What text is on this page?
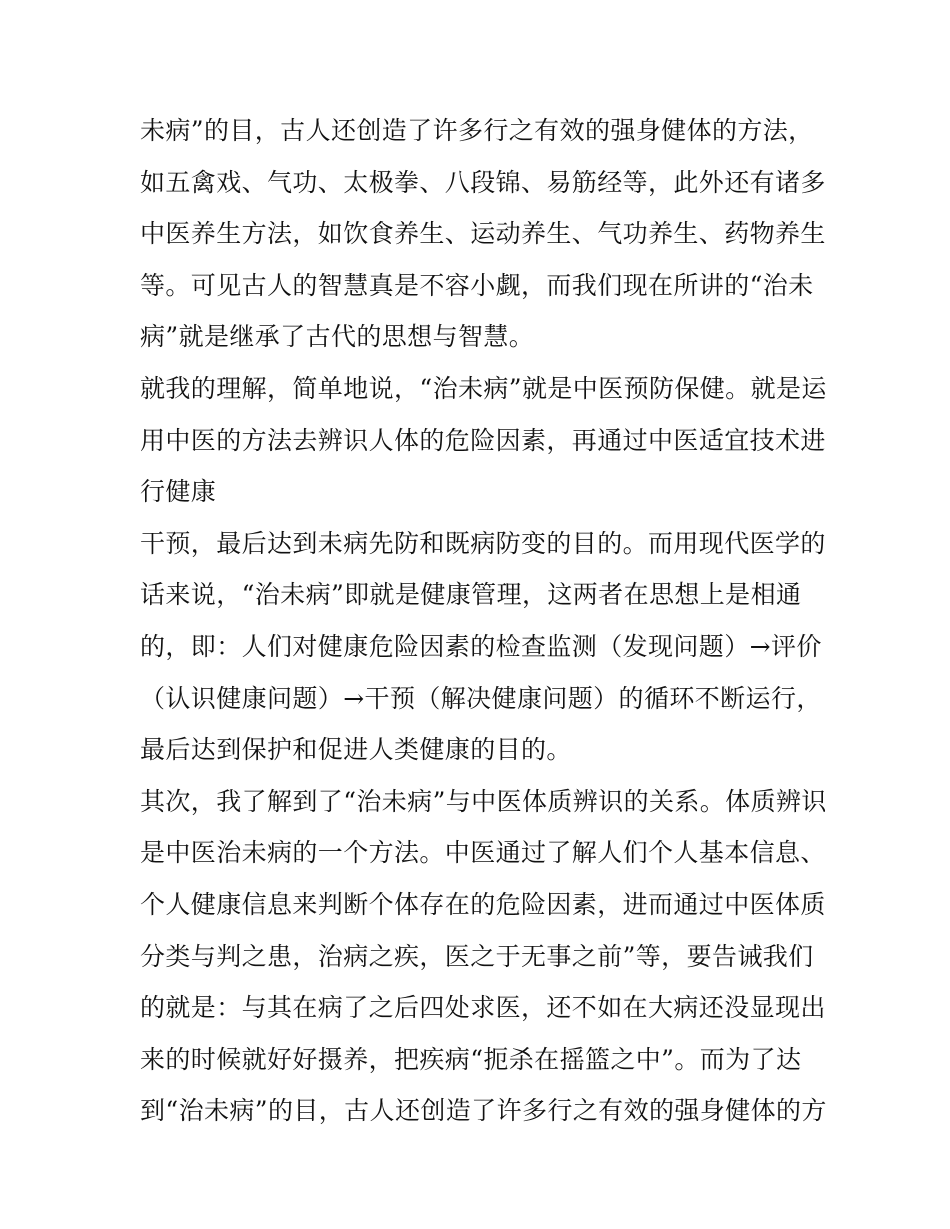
未病”的目，古人还创造了许多行之有效的强身健体的方法，
如五禽戏、气功、太极拳、八段锦、易筋经等，此外还有诸多
中医养生方法，如饮食养生、运动养生、气功养生、药物养生
等。可见古人的智慧真是不容小觑，而我们现在所讲的“治未
病”就是继承了古代的思想与智慧。
就我的理解，简单地说，“治未病”就是中医预防保健。就是运
用中医的方法去辨识人体的危险因素，再通过中医适宜技术进
行健康
干预，最后达到未病先防和既病防变的目的。而用现代医学的
话来说，“治未病”即就是健康管理，这两者在思想上是相通
的，即：人们对健康危险因素的检查监测（发现问题）→评价
（认识健康问题）→干预（解决健康问题）的循环不断运行，
最后达到保护和促进人类健康的目的。
其次，我了解到了“治未病”与中医体质辨识的关系。体质辨识
是中医治未病的一个方法。中医通过了解人们个人基本信息、
个人健康信息来判断个体存在的危险因素，进而通过中医体质
分类与判之患，治病之疾，医之于无事之前”等，要告诫我们
的就是：与其在病了之后四处求医，还不如在大病还没显现出
来的时候就好好摄养，把疾病“扼杀在摇篮之中”。而为了达
到“治未病”的目，古人还创造了许多行之有效的强身健体的方
